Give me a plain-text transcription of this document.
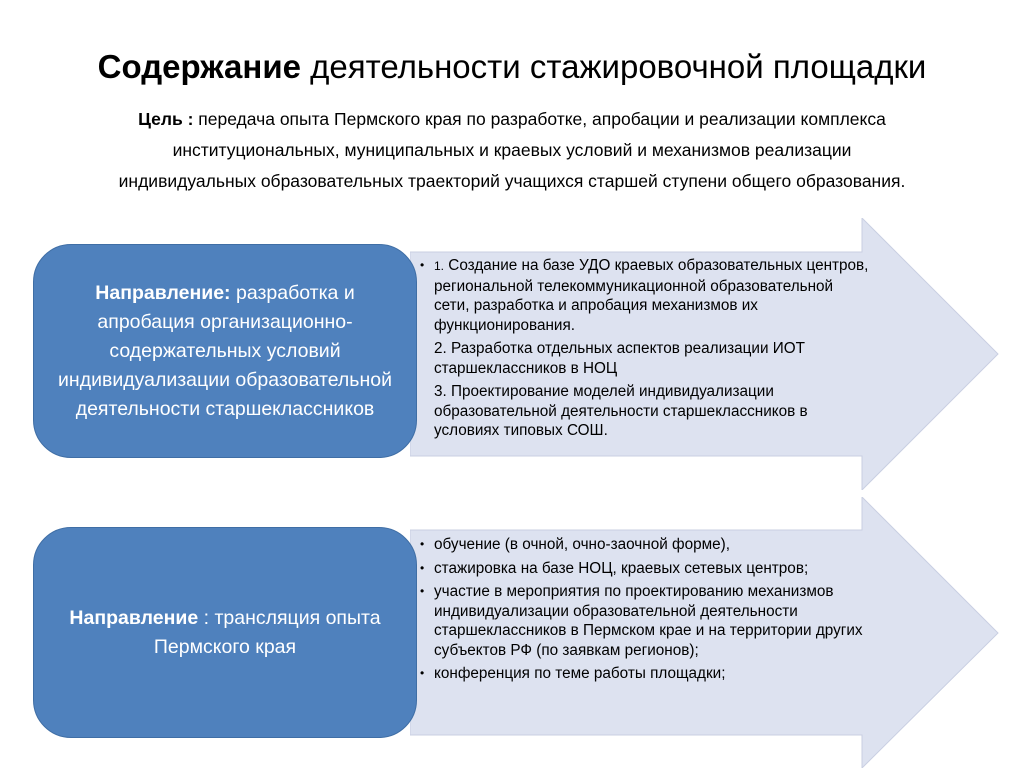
Содержание деятельности стажировочной площадки
Цель : передача опыта Пермского края по разработке, апробации и реализации комплекса
институциональных, муниципальных и краевых условий и механизмов реализации
индивидуальных образовательных траекторий учащихся старшей ступени общего образования.
Направление: разработка и апробация организационно-содержательных условий индивидуализации образовательной деятельности старшеклассников
Направление : трансляция опыта Пермского края
• 1. Создание на базе УДО краевых образовательных центров, региональной телекоммуникационной образовательной сети, разработка и апробация механизмов их функционирования.
2. Разработка отдельных аспектов реализации ИОТ старшеклассников в НОЦ
3. Проектирование моделей индивидуализации образовательной деятельности старшеклассников в условиях типовых СОШ.
• обучение (в очной, очно-заочной форме),
• стажировка на базе НОЦ, краевых сетевых центров;
• участие в мероприятия по проектированию механизмов индивидуализации образовательной деятельности старшеклассников в Пермском крае и на территории других субъектов РФ (по заявкам регионов);
• конференция по теме работы площадки;
